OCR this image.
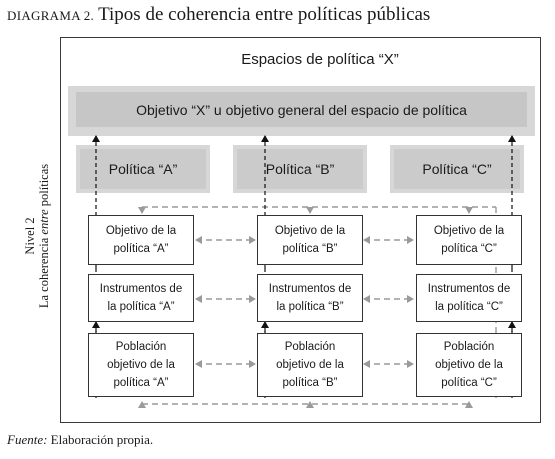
DIAGRAMA 2. Tipos de coherencia entre políticas públicas
Espacios de política “X”
Objetivo “X” u objetivo general del espacio de política
Política “A”	Política “B”	Política “C”
Objetivo de la
política “A”
Instrumentos de
la política “A”
Población
objetivo de la
política “A”
Objetivo de la
política “B”
Instrumentos de
la política “B”
Población
objetivo de la
política “B”
Objetivo de la
política “C”
Instrumentos de
la política “C”
Población
objetivo de la
política “C”
Nivel 2 La coherencia entre políticas
Fuente: Elaboración propia.
